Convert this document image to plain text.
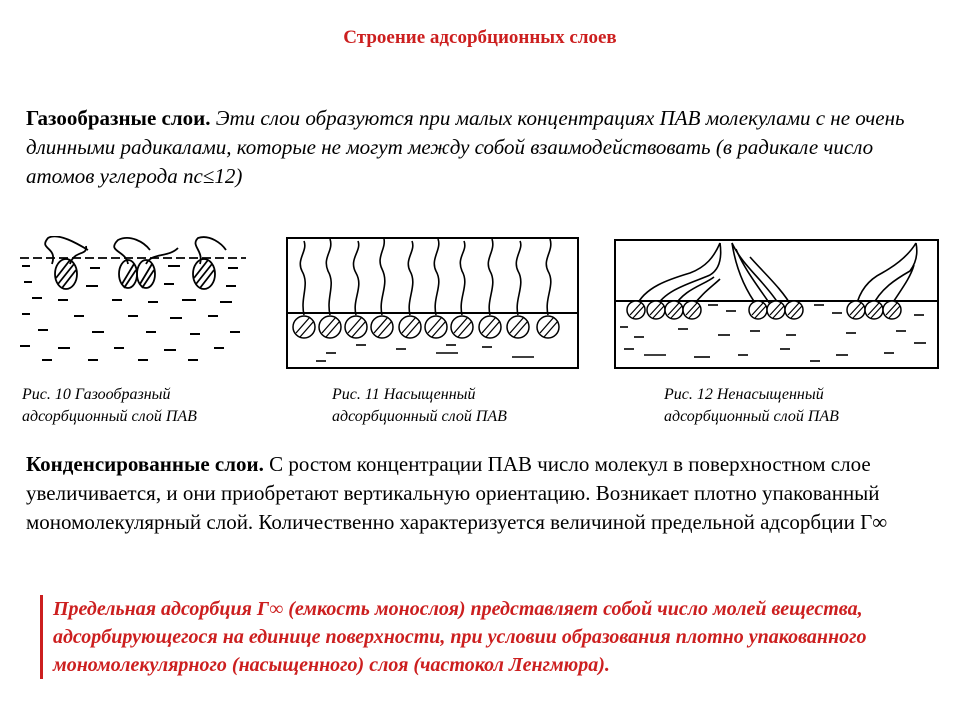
Строение адсорбционных слоев
Газообразные слои. Эти слои образуются при малых концентрациях ПАВ молекулами с не очень длинными радикалами, которые не могут между собой взаимодействовать (в радикале число атомов углерода nс≤12)
Рис. 10 Газообразный
адсорбционный слой ПАВ
Рис. 11 Насыщенный
адсорбционный слой ПАВ
Рис. 12 Ненасыщенный
адсорбционный слой ПАВ
Конденсированные слои. С ростом концентрации ПАВ число молекул в поверхностном слое увеличивается, и они приобретают вертикальную ориентацию. Возникает плотно упакованный мономолекулярный слой. Количественно характеризуется величиной предельной адсорбции Г∞
Предельная адсорбция Г∞ (емкость монослоя) представляет собой число молей вещества, адсорбирующегося на единице поверхности, при условии образования плотно упакованного мономолекулярного (насыщенного) слоя (частокол Ленгмюра).
